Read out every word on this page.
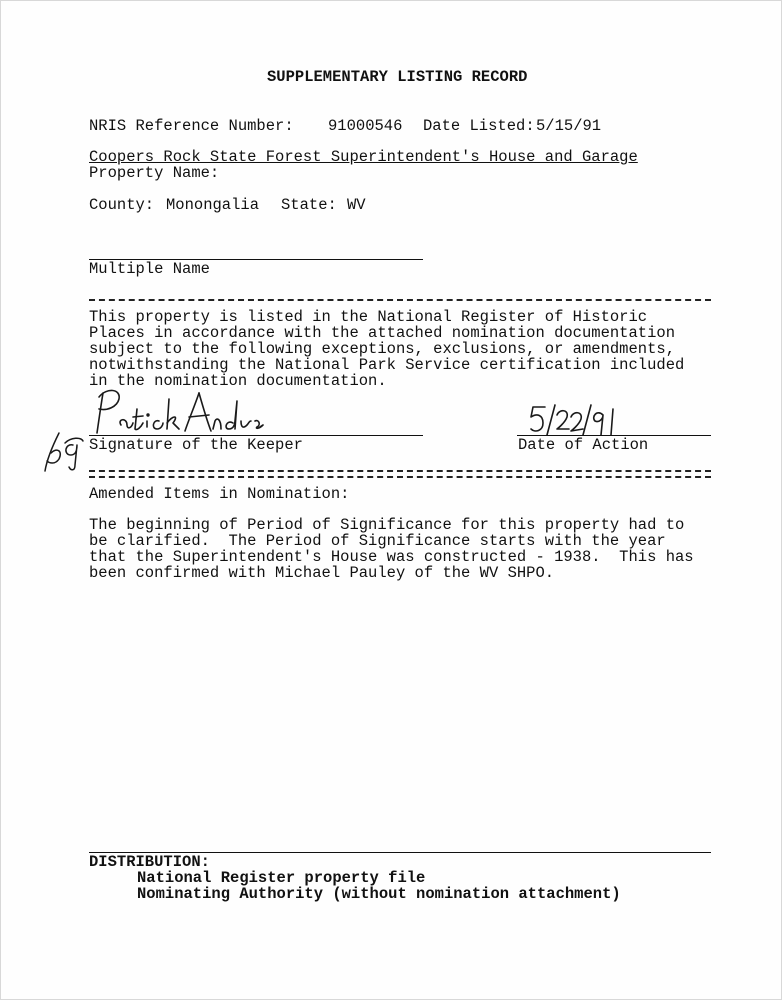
SUPPLEMENTARY LISTING RECORD
NRIS Reference Number: 91000546 Date Listed: 5/15/91
Coopers Rock State Forest Superintendent's House and Garage
Property Name:
County: Monongalia State: WV
Multiple Name
This property is listed in the National Register of Historic
Places in accordance with the attached nomination documentation
subject to the following exceptions, exclusions, or amendments,
notwithstanding the National Park Service certification included
in the nomination documentation.
Signature of the Keeper	Date of Action
Amended Items in Nomination:
The beginning of Period of Significance for this property had to
be clarified.  The Period of Significance starts with the year
that the Superintendent's House was constructed - 1938.  This has
been confirmed with Michael Pauley of the WV SHPO.
DISTRIBUTION:
National Register property file
Nominating Authority (without nomination attachment)
